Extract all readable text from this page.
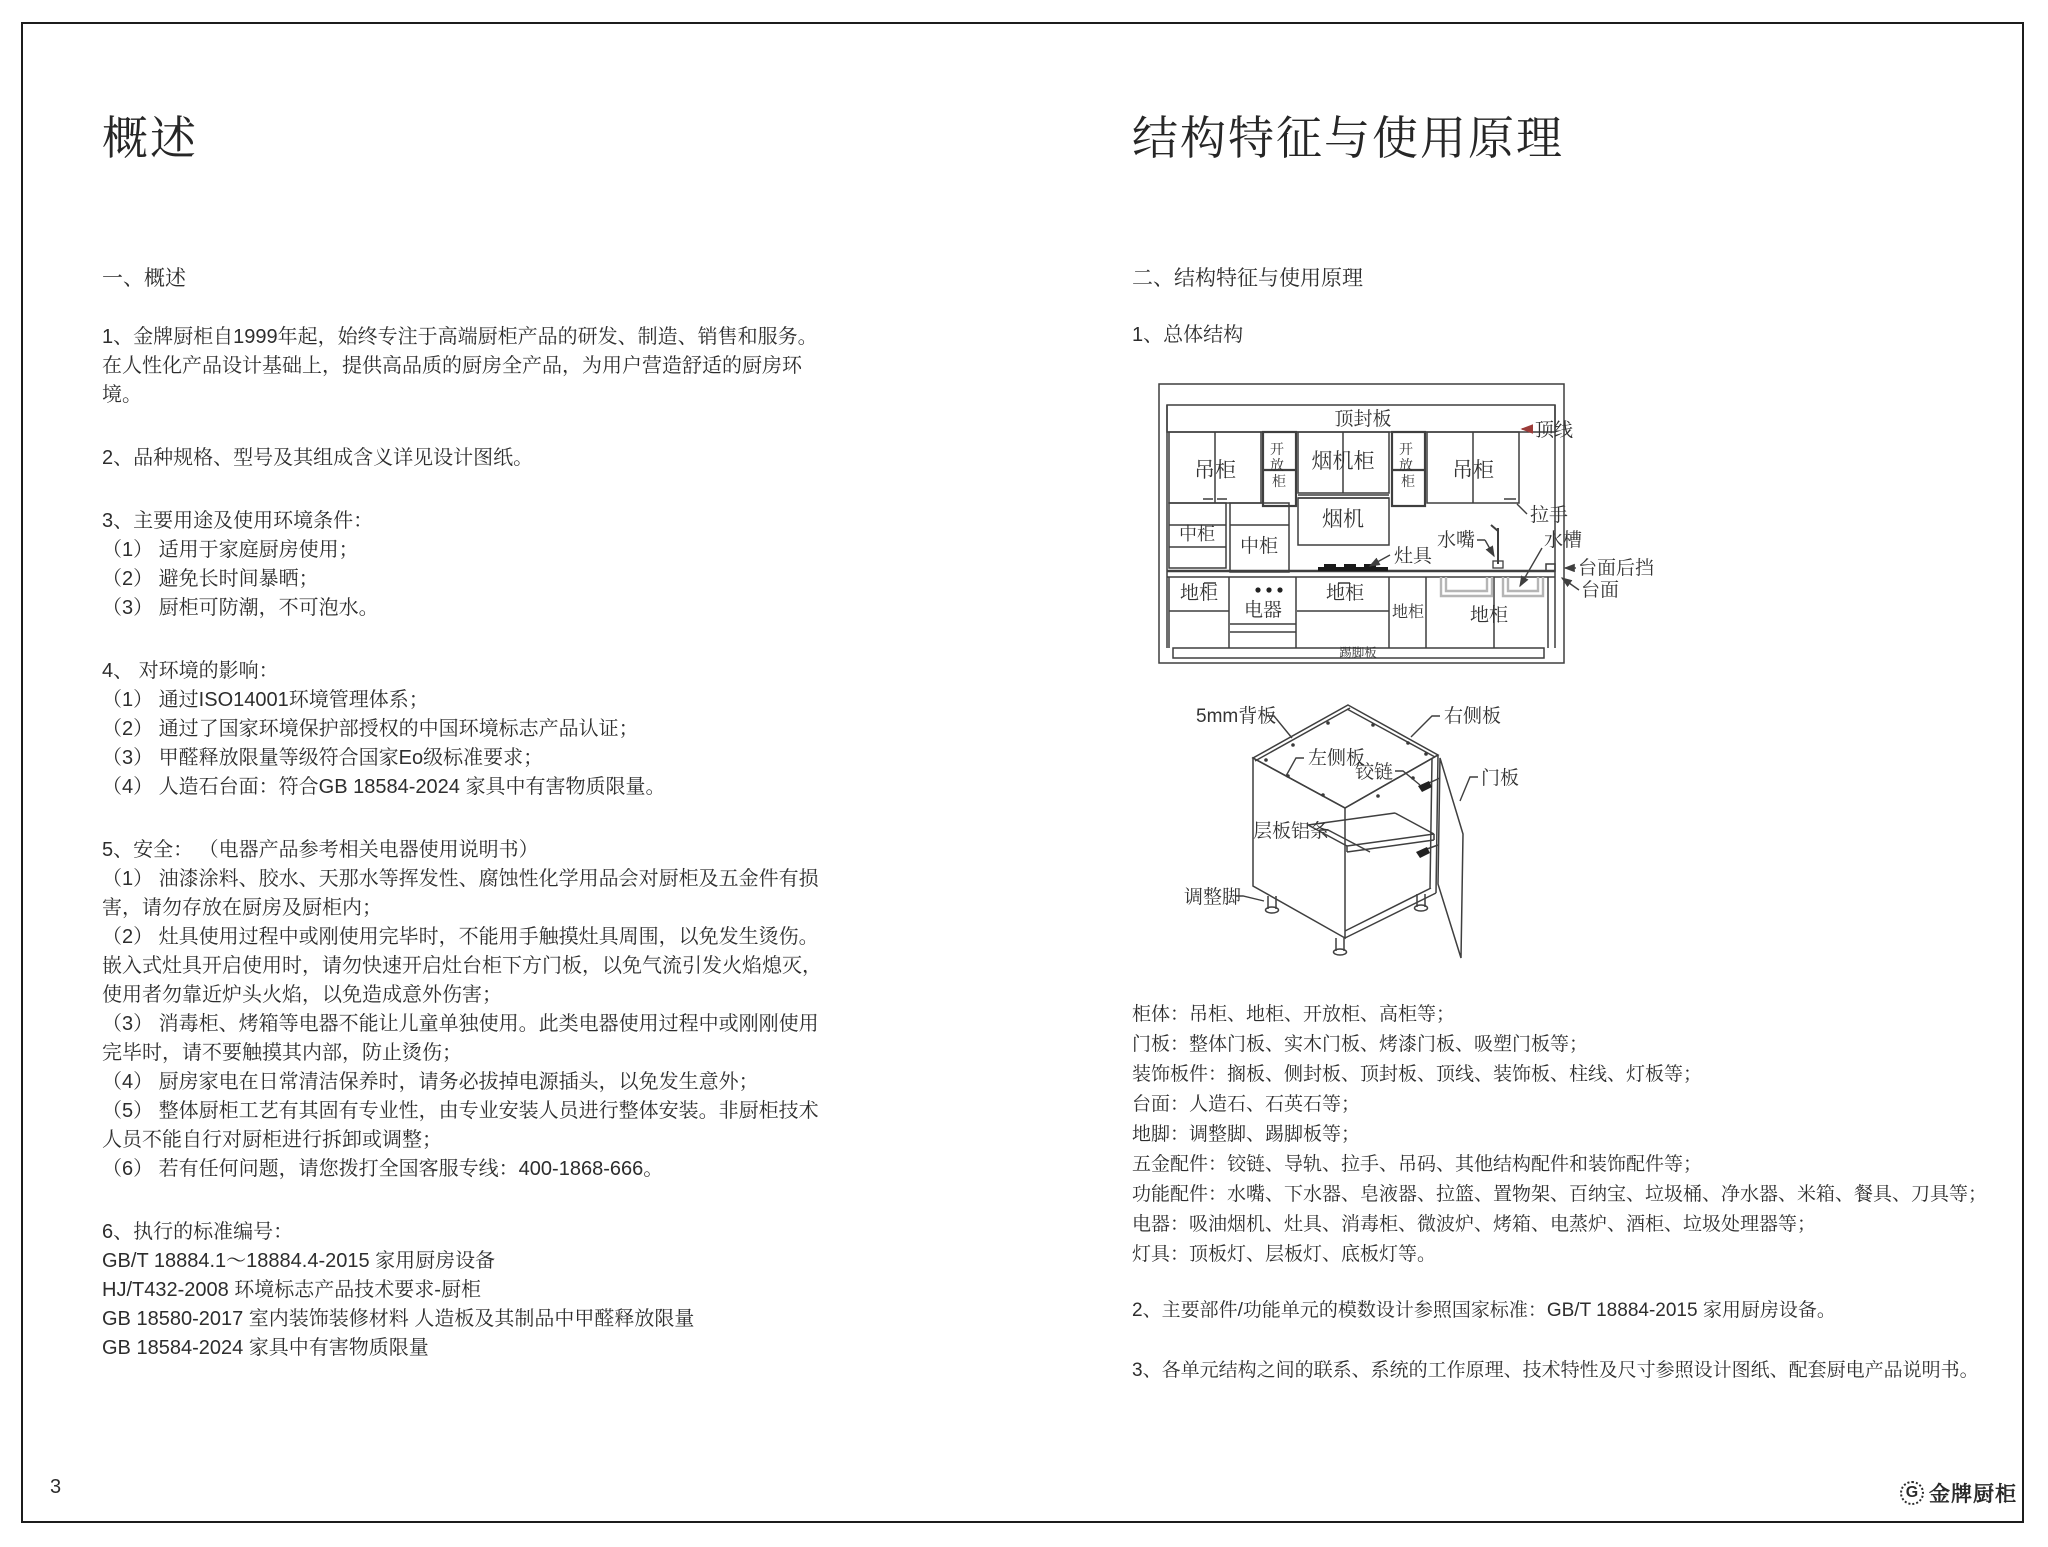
概述
一、概述
1、金牌厨柜自1999年起，始终专注于高端厨柜产品的研发、制造、销售和服务。在人性化产品设计基础上，提供高品质的厨房全产品，为用户营造舒适的厨房环境。
2、品种规格、型号及其组成含义详见设计图纸。
3、主要用途及使用环境条件：
（1） 适用于家庭厨房使用；
（2） 避免长时间暴晒；
（3） 厨柜可防潮，不可泡水。
4、 对环境的影响：
（1） 通过ISO14001环境管理体系；
（2） 通过了国家环境保护部授权的中国环境标志产品认证；
（3） 甲醛释放限量等级符合国家Eo级标准要求；
（4） 人造石台面：符合GB 18584-2024 家具中有害物质限量。
5、安全： （电器产品参考相关电器使用说明书）
（1） 油漆涂料、胶水、天那水等挥发性、腐蚀性化学用品会对厨柜及五金件有损害，请勿存放在厨房及厨柜内；
（2） 灶具使用过程中或刚使用完毕时，不能用手触摸灶具周围，以免发生烫伤。嵌入式灶具开启使用时，请勿快速开启灶台柜下方门板，以免气流引发火焰熄灭，使用者勿靠近炉头火焰，以免造成意外伤害；
（3） 消毒柜、烤箱等电器不能让儿童单独使用。此类电器使用过程中或刚刚使用完毕时，请不要触摸其内部，防止烫伤；
（4） 厨房家电在日常清洁保养时，请务必拔掉电源插头，以免发生意外；
（5） 整体厨柜工艺有其固有专业性，由专业安装人员进行整体安装。非厨柜技术人员不能自行对厨柜进行拆卸或调整；
（6） 若有任何问题，请您拨打全国客服专线：400-1868-666。
6、执行的标准编号：
GB/T 18884.1～18884.4-2015 家用厨房设备
HJ/T432-2008 环境标志产品技术要求-厨柜
GB 18580-2017 室内装饰装修材料 人造板及其制品中甲醛释放限量
GB 18584-2024 家具中有害物质限量
结构特征与使用原理
二、结构特征与使用原理
1、总体结构
顶封板
吊柜
开 放 柜
烟机柜
开 放 柜 吊柜
顶线
拉手
中柜
中柜
烟机
灶具
水嘴	水槽
台面后挡
台面
地柜
电器
地柜
地柜 地柜
踢脚板
5mm背板	右侧板
左侧板
铰链	门板
层板铝条
调整脚
柜体：吊柜、地柜、开放柜、高柜等；
门板：整体门板、实木门板、烤漆门板、吸塑门板等；
装饰板件：搁板、侧封板、顶封板、顶线、装饰板、柱线、灯板等；
台面：人造石、石英石等；
地脚：调整脚、踢脚板等；
五金配件：铰链、导轨、拉手、吊码、其他结构配件和装饰配件等；
功能配件：水嘴、下水器、皂液器、拉篮、置物架、百纳宝、垃圾桶、净水器、米箱、餐具、刀具等；
电器：吸油烟机、灶具、消毒柜、微波炉、烤箱、电蒸炉、酒柜、垃圾处理器等；
灯具：顶板灯、层板灯、底板灯等。
2、主要部件/功能单元的模数设计参照国家标准：GB/T 18884-2015 家用厨房设备。
3、各单元结构之间的联系、系统的工作原理、技术特性及尺寸参照设计图纸、配套厨电产品说明书。
3	G 金牌厨柜
